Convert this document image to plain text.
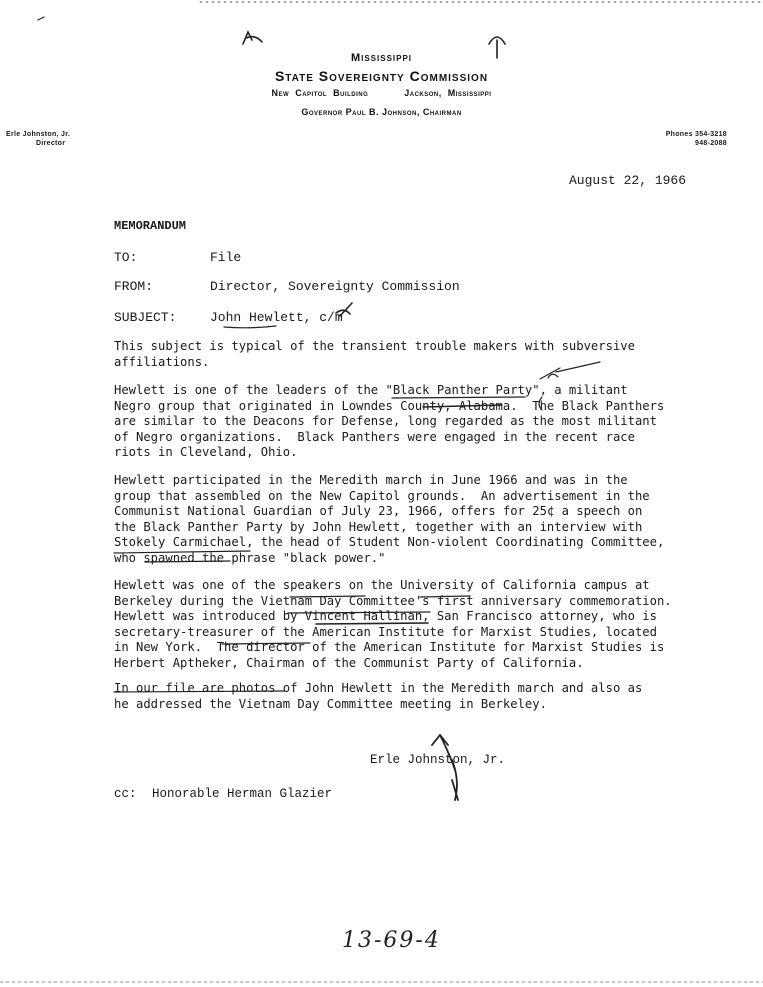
Mississippi
State Sovereignty Commission
New Capitol Building      Jackson, Mississippi
Governor Paul B. Johnson, Chairman
Erle Johnston, Jr.
Director
Phones 354-3218
948-2088
August 22, 1966
MEMORANDUM
TO:	File
FROM:	Director, Sovereignty Commission
SUBJECT:	John Hewlett, c/m
This subject is typical of the transient trouble makers with subversive
affiliations.
Hewlett is one of the leaders of the "Black Panther Party", a militant
Negro group that originated in Lowndes County, Alabama.  The Black Panthers
are similar to the Deacons for Defense, long regarded as the most militant
of Negro organizations.  Black Panthers were engaged in the recent race
riots in Cleveland, Ohio.
Hewlett participated in the Meredith march in June 1966 and was in the
group that assembled on the New Capitol grounds.  An advertisement in the
Communist National Guardian of July 23, 1966, offers for 25¢ a speech on
the Black Panther Party by John Hewlett, together with an interview with
Stokely Carmichael, the head of Student Non-violent Coordinating Committee,
who spawned the phrase "black power."
Hewlett was one of the speakers on the University of California campus at
Berkeley during the Vietnam Day Committee's first anniversary commemoration.
Hewlett was introduced by Vincent Hallinan, San Francisco attorney, who is
secretary-treasurer of the American Institute for Marxist Studies, located
in New York.  The director of the American Institute for Marxist Studies is
Herbert Aptheker, Chairman of the Communist Party of California.
In our file are photos of John Hewlett in the Meredith march and also as
he addressed the Vietnam Day Committee meeting in Berkeley.
Erle Johnston, Jr.
cc: Honorable Herman Glazier
13-69-4
